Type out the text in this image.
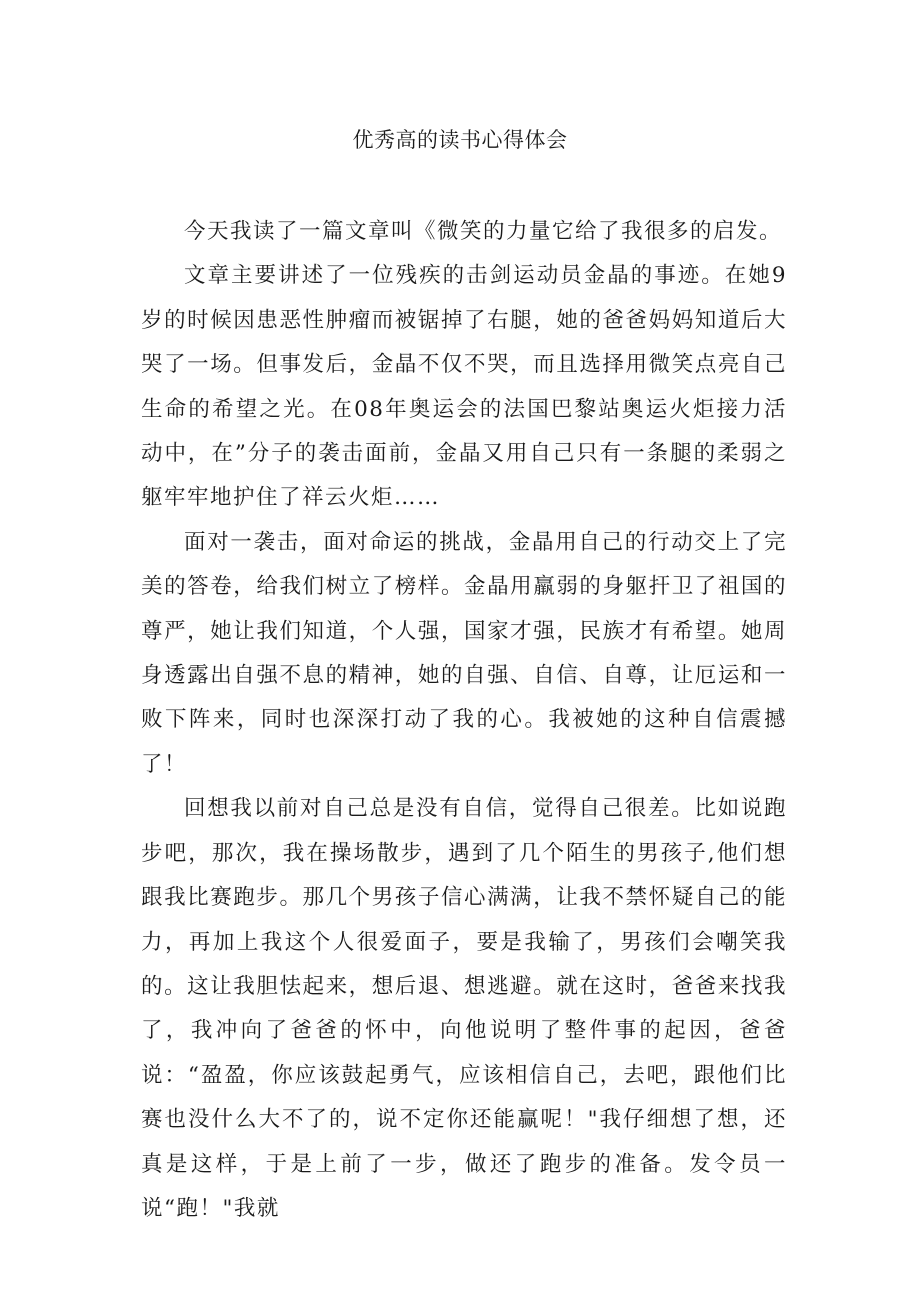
优秀高的读书心得体会

今天我读了一篇文章叫《微笑的力量它给了我很多的启发。

文章主要讲述了一位残疾的击剑运动员金晶的事迹。在她9岁的时候因患恶性肿瘤而被锯掉了右腿，她的爸爸妈妈知道后大哭了一场。但事发后，金晶不仅不哭，而且选择用微笑点亮自己生命的希望之光。在08年奥运会的法国巴黎站奥运火炬接力活动中，在”分子的袭击面前，金晶又用自己只有一条腿的柔弱之躯牢牢地护住了祥云火炬……

面对一袭击，面对命运的挑战，金晶用自己的行动交上了完美的答卷，给我们树立了榜样。金晶用羸弱的身躯扞卫了祖国的尊严，她让我们知道，个人强，国家才强，民族才有希望。她周身透露出自强不息的精神，她的自强、自信、自尊，让厄运和一败下阵来，同时也深深打动了我的心。我被她的这种自信震撼了！

回想我以前对自己总是没有自信，觉得自己很差。比如说跑步吧，那次，我在操场散步，遇到了几个陌生的男孩子,他们想跟我比赛跑步。那几个男孩子信心满满，让我不禁怀疑自己的能力，再加上我这个人很爱面子，要是我输了，男孩们会嘲笑我的。这让我胆怯起来，想后退、想逃避。就在这时，爸爸来找我了，我冲向了爸爸的怀中，向他说明了整件事的起因，爸爸说：“盈盈，你应该鼓起勇气，应该相信自己，去吧，跟他们比赛也没什么大不了的，说不定你还能赢呢！"我仔细想了想，还真是这样，于是上前了一步，做还了跑步的准备。发令员一说“跑！"我就
